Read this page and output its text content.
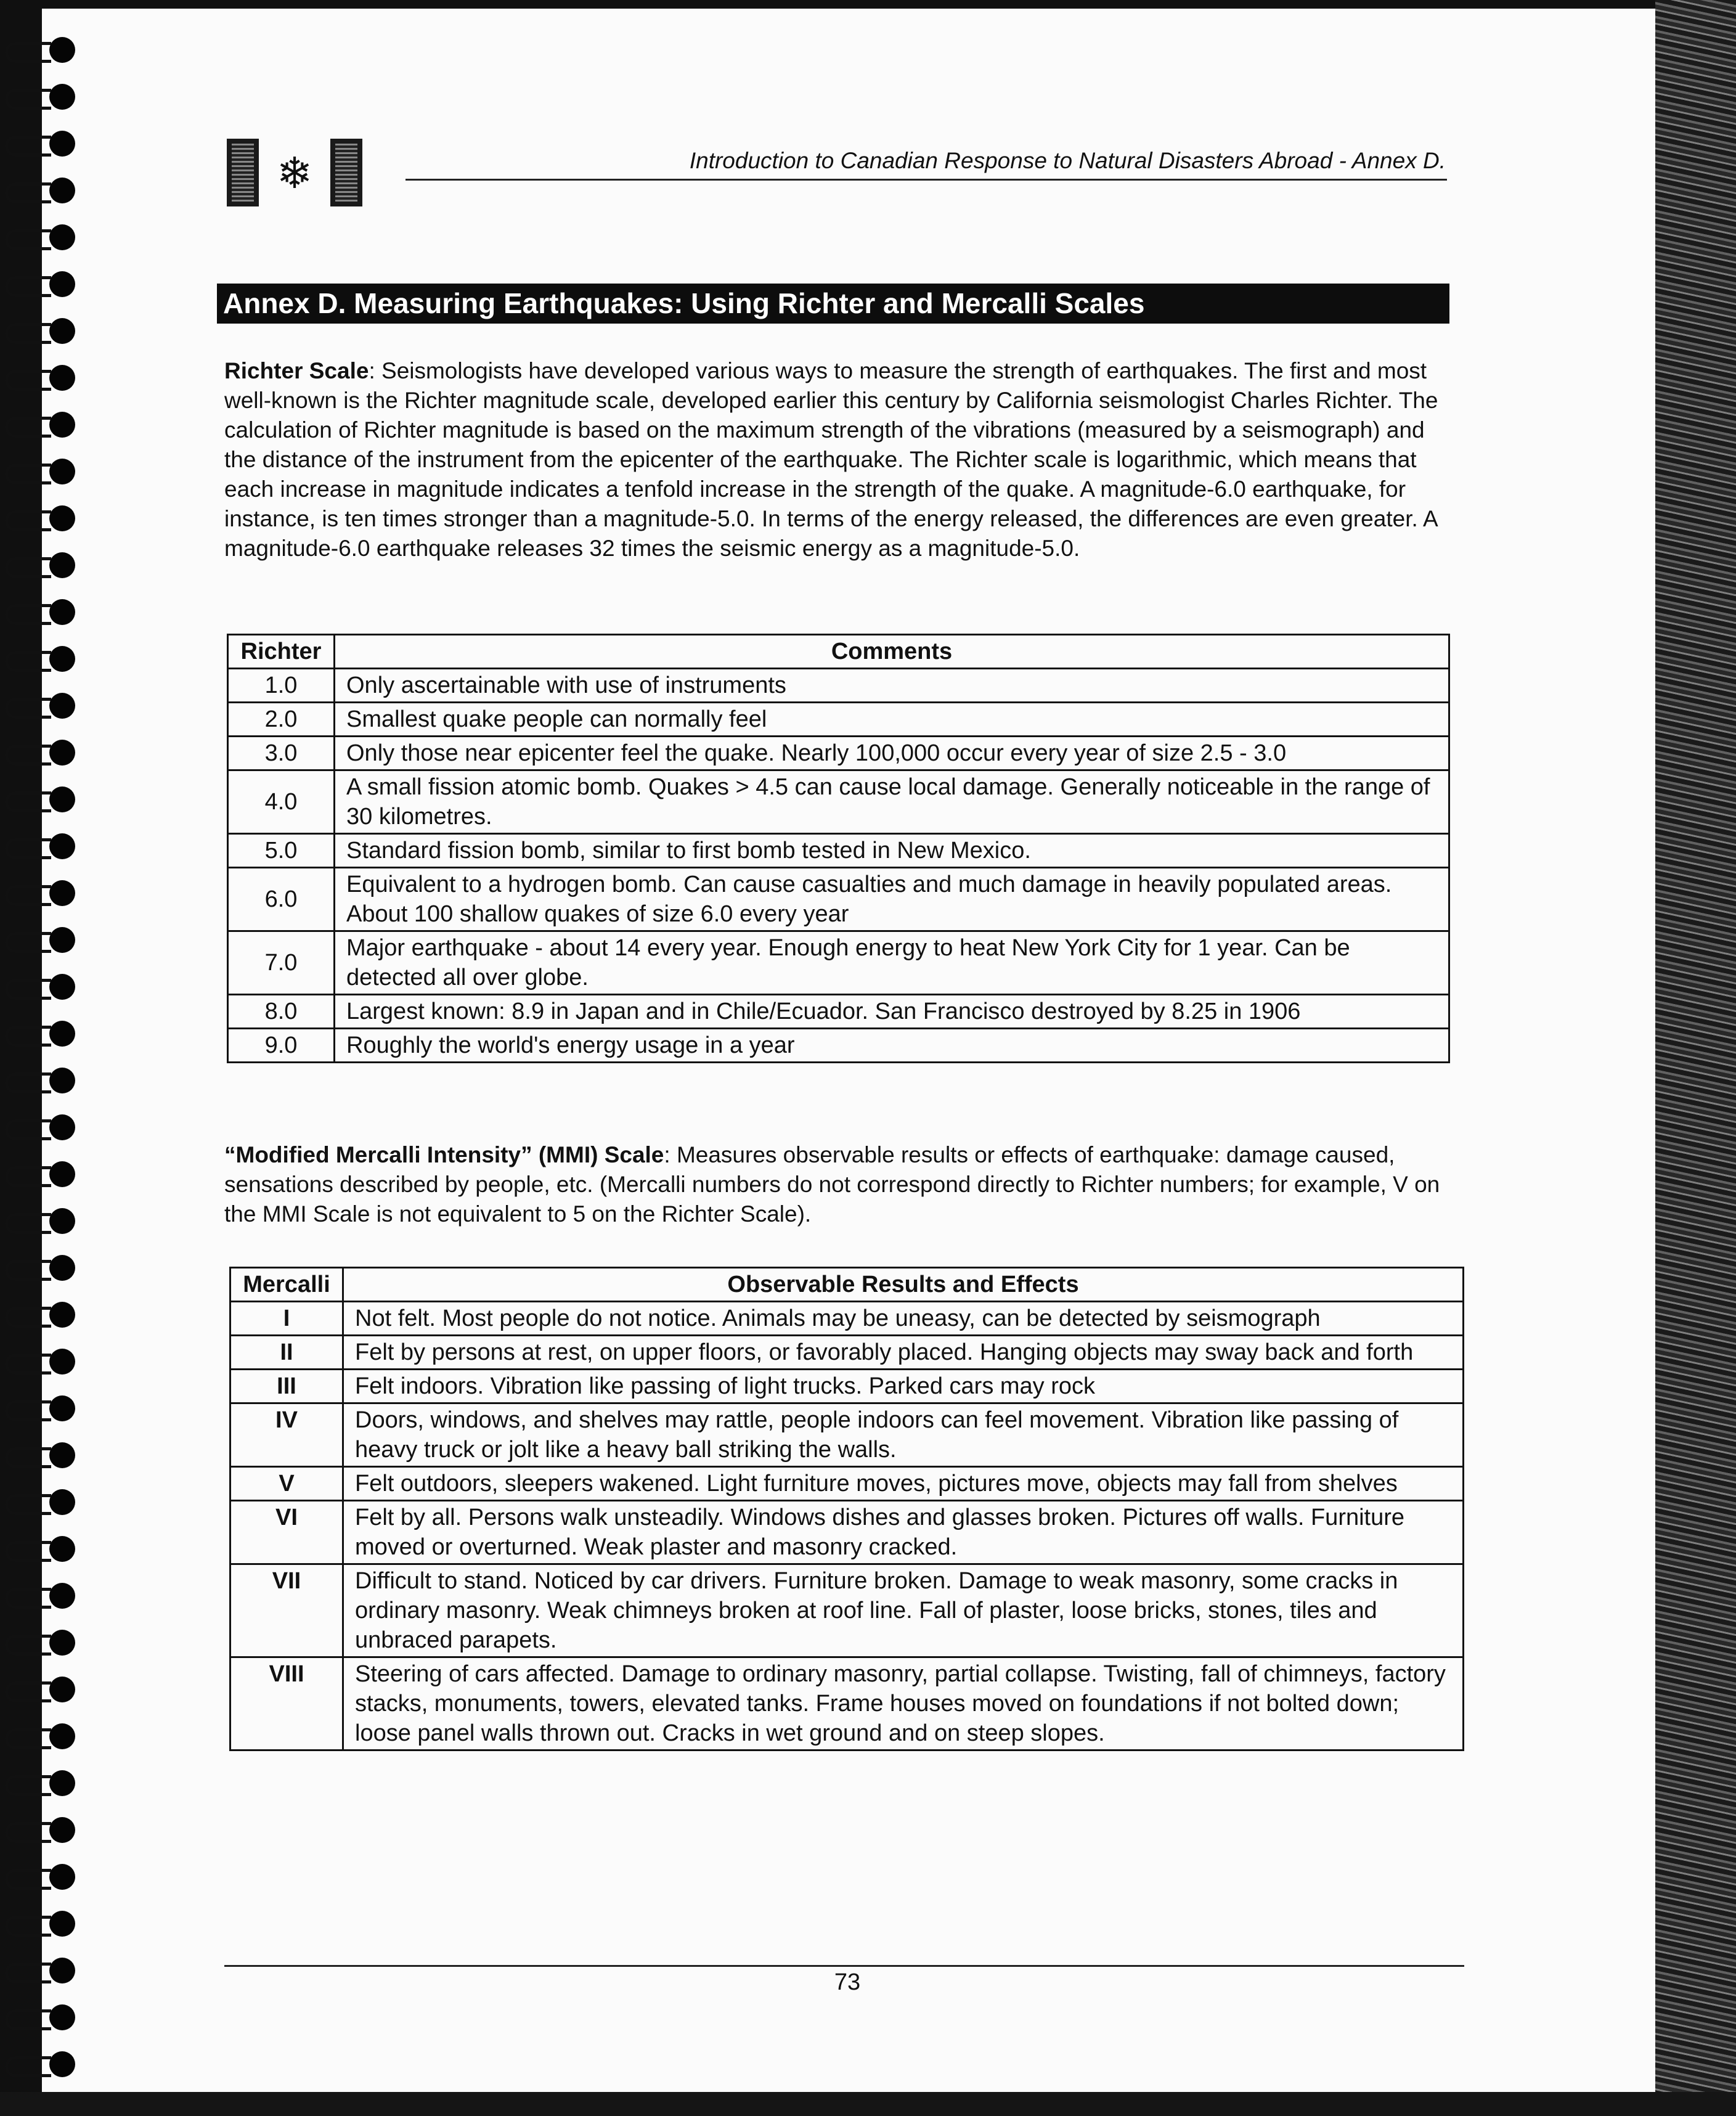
❄	Introduction to Canadian Response to Natural Disasters Abroad - Annex D.
Annex D. Measuring Earthquakes: Using Richter and Mercalli Scales

Richter Scale: Seismologists have developed various ways to measure the strength of earthquakes. The first and most well-known is the Richter magnitude scale, developed earlier this century by California seismologist Charles Richter. The calculation of Richter magnitude is based on the maximum strength of the vibrations (measured by a seismograph) and the distance of the instrument from the epicenter of the earthquake. The Richter scale is logarithmic, which means that each increase in magnitude indicates a tenfold increase in the strength of the quake. A magnitude-6.0 earthquake, for instance, is ten times stronger than a magnitude-5.0. In terms of the energy released, the differences are even greater. A magnitude-6.0 earthquake releases 32 times the seismic energy as a magnitude-5.0.

Richter	Comments
1.0	Only ascertainable with use of instruments
2.0	Smallest quake people can normally feel
3.0	Only those near epicenter feel the quake. Nearly 100,000 occur every year of size 2.5 - 3.0
4.0	A small fission atomic bomb. Quakes > 4.5 can cause local damage. Generally noticeable in the range of 30 kilometres.
5.0	Standard fission bomb, similar to first bomb tested in New Mexico.
6.0	Equivalent to a hydrogen bomb. Can cause casualties and much damage in heavily populated areas. About 100 shallow quakes of size 6.0 every year
7.0	Major earthquake - about 14 every year. Enough energy to heat New York City for 1 year. Can be detected all over globe.
8.0	Largest known: 8.9 in Japan and in Chile/Ecuador. San Francisco destroyed by 8.25 in 1906
9.0	Roughly the world's energy usage in a year

“Modified Mercalli Intensity” (MMI) Scale: Measures observable results or effects of earthquake: damage caused, sensations described by people, etc. (Mercalli numbers do not correspond directly to Richter numbers; for example, V on the MMI Scale is not equivalent to 5 on the Richter Scale).

Mercalli	Observable Results and Effects
I	Not felt. Most people do not notice. Animals may be uneasy, can be detected by seismograph
II	Felt by persons at rest, on upper floors, or favorably placed. Hanging objects may sway back and forth
III	Felt indoors. Vibration like passing of light trucks. Parked cars may rock
IV	Doors, windows, and shelves may rattle, people indoors can feel movement. Vibration like passing of heavy truck or jolt like a heavy ball striking the walls.
V	Felt outdoors, sleepers wakened. Light furniture moves, pictures move, objects may fall from shelves
VI	Felt by all. Persons walk unsteadily. Windows dishes and glasses broken. Pictures off walls. Furniture moved or overturned. Weak plaster and masonry cracked.
VII	Difficult to stand. Noticed by car drivers. Furniture broken. Damage to weak masonry, some cracks in ordinary masonry. Weak chimneys broken at roof line. Fall of plaster, loose bricks, stones, tiles and unbraced parapets.
VIII	Steering of cars affected. Damage to ordinary masonry, partial collapse. Twisting, fall of chimneys, factory stacks, monuments, towers, elevated tanks. Frame houses moved on foundations if not bolted down; loose panel walls thrown out. Cracks in wet ground and on steep slopes.
73
